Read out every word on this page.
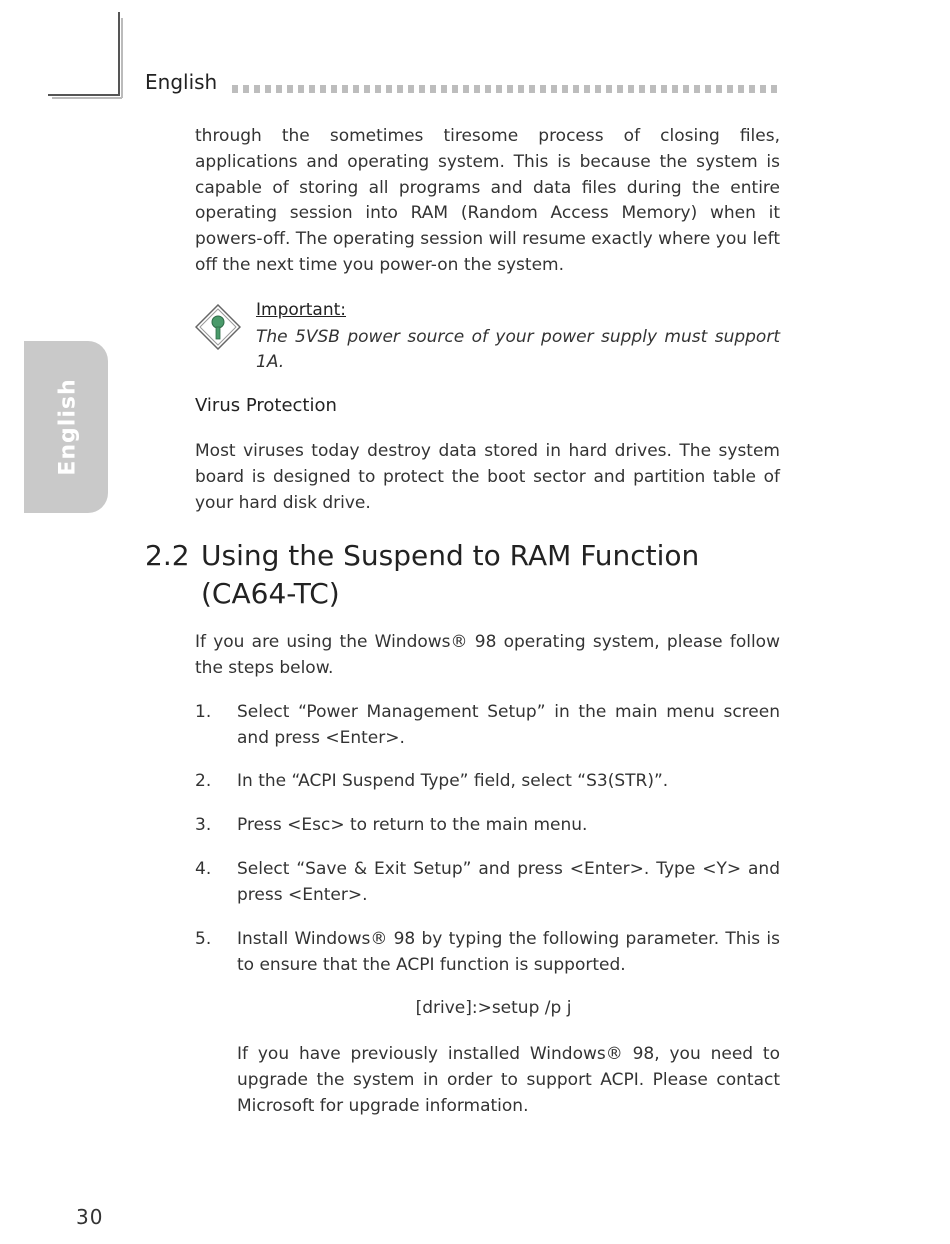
English
English

through the sometimes tiresome process of closing files, applications and operating system. This is because the system is capable of storing all programs and data files during the entire operating session into RAM (Random Access Memory) when it powers-off. The operating session will resume exactly where you left off the next time you power-on the system.

Important:
The 5VSB power source of your power supply must support 1A.
Virus Protection

Most viruses today destroy data stored in hard drives. The system board is designed to protect the boot sector and partition table of your hard disk drive.

2.2 Using the Suspend to RAM Function
(CA64-TC)

If you are using the Windows® 98 operating system, please follow the steps below.

1. Select “Power Management Setup” in the main menu screen and press <Enter>.

2. In the “ACPI Suspend Type” field, select “S3(STR)”.

3. Press <Esc> to return to the main menu.

4. Select “Save & Exit Setup” and press <Enter>. Type <Y> and press <Enter>.

5. Install Windows® 98 by typing the following parameter. This is to ensure that the ACPI function is supported.

[drive]:>setup /p j

If you have previously installed Windows® 98, you need to upgrade the system in order to support ACPI. Please contact Microsoft for upgrade information.

30
